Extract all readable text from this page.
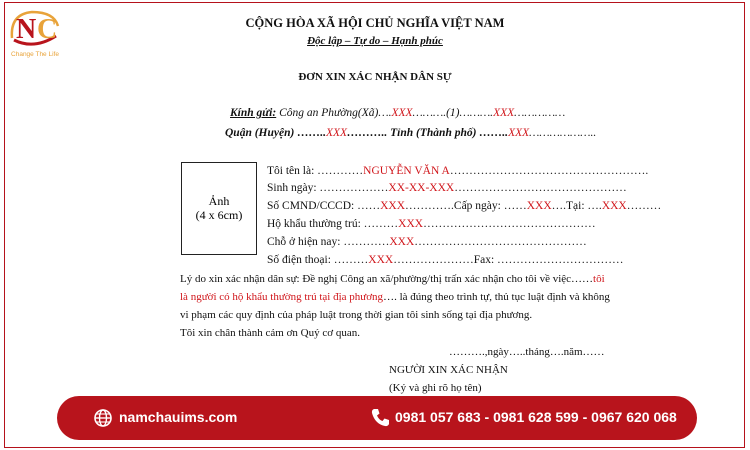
N C
Change The Life
CỘNG HÒA XÃ HỘI CHỦ NGHĨA VIỆT NAM
Độc lập – Tự do – Hạnh phúc
ĐƠN XIN XÁC NHẬN DÂN SỰ
Kính gửi: Công an Phường(Xã)….XXX……….(1)……….XXX……………
Quận (Huyện) ……..XXX……….. Tỉnh (Thành phố) ……..XXX………………..
Ảnh
(4 x 6cm)
Tôi tên là: …………NGUYỄN VĂN A…………………………………………….
Sinh ngày: ………………XX-XX-XXX………………………………………
Số CMND/CCCD: ……XXX………….Cấp ngày: ……XXX….Tại: ….XXX………
Hộ khẩu thường trú: ………XXX………………………………………
Chỗ ở hiện nay: …………XXX………………………………………
Số điện thoại: ………XXX…………………Fax: ……………………………
Lý do xin xác nhận dân sự: Đề nghị Công an xã/phường/thị trấn xác nhận cho tôi về việc……tôi
là người có hộ khẩu thường trú tại địa phương…. là đúng theo trình tự, thủ tục luật định và không
vi phạm các quy định của pháp luật trong thời gian tôi sinh sống tại địa phương.
Tôi xin chân thành cảm ơn Quý cơ quan.
……….,ngày…..tháng….năm……
NGƯỜI XIN XÁC NHẬN
(Ký và ghi rõ họ tên)
namchauims.com	0981 057 683 - 0981 628 599 - 0967 620 068
